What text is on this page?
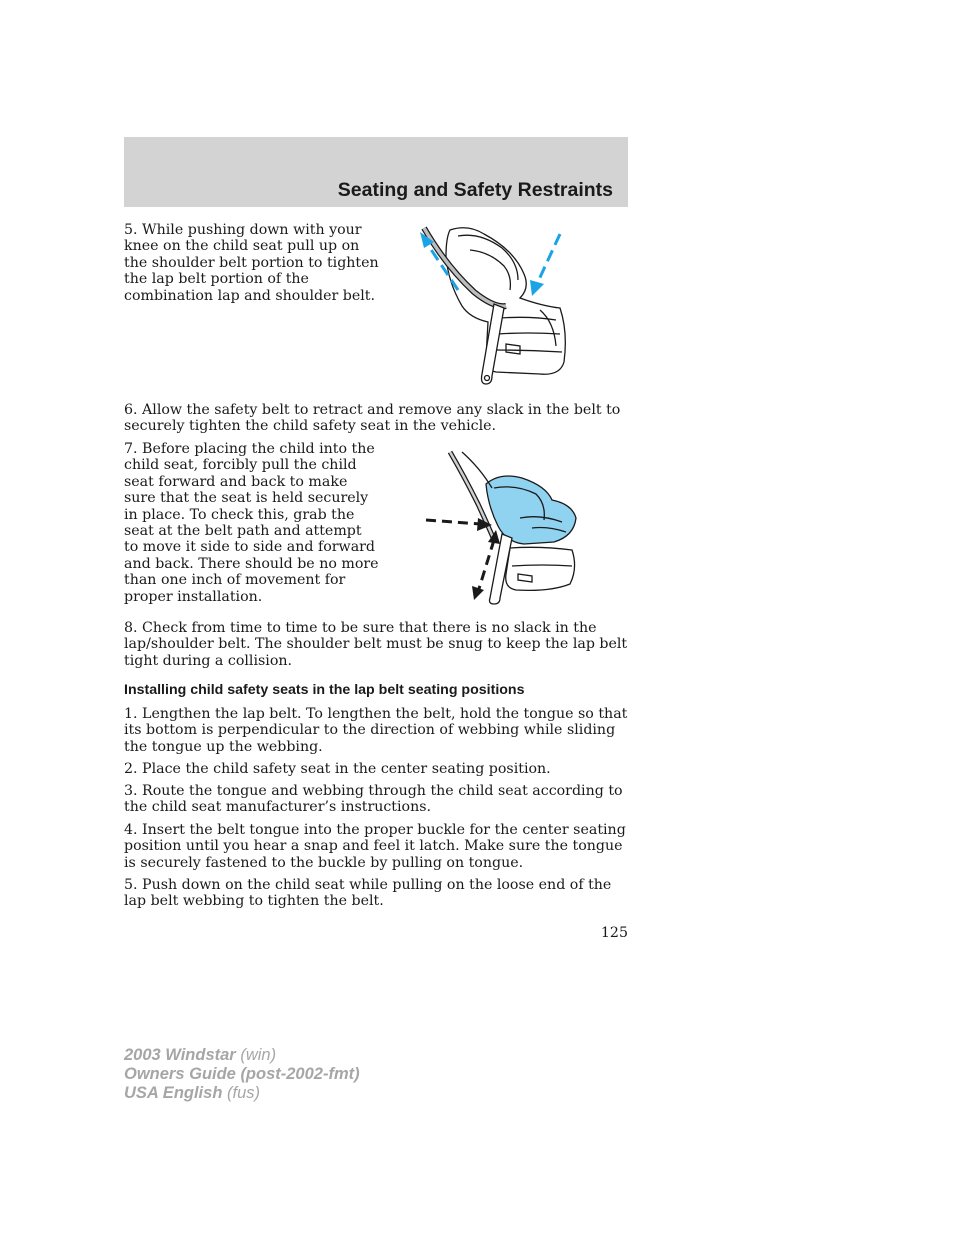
Seating and Safety Restraints

5. While pushing down with your knee on the child seat pull up on the shoulder belt portion to tighten the lap belt portion of the combination lap and shoulder belt.

6. Allow the safety belt to retract and remove any slack in the belt to securely tighten the child safety seat in the vehicle.

7. Before placing the child into the child seat, forcibly pull the child seat forward and back to make sure that the seat is held securely in place. To check this, grab the seat at the belt path and attempt to move it side to side and forward and back. There should be no more than one inch of movement for proper installation.

8. Check from time to time to be sure that there is no slack in the lap/shoulder belt. The shoulder belt must be snug to keep the lap belt tight during a collision.

Installing child safety seats in the lap belt seating positions

1. Lengthen the lap belt. To lengthen the belt, hold the tongue so that its bottom is perpendicular to the direction of webbing while sliding the tongue up the webbing.

2. Place the child safety seat in the center seating position.

3. Route the tongue and webbing through the child seat according to the child seat manufacturer’s instructions.

4. Insert the belt tongue into the proper buckle for the center seating position until you hear a snap and feel it latch. Make sure the tongue is securely fastened to the buckle by pulling on tongue.

5. Push down on the child seat while pulling on the loose end of the lap belt webbing to tighten the belt.

125
2003 Windstar (win)
Owners Guide (post-2002-fmt)
USA English (fus)
